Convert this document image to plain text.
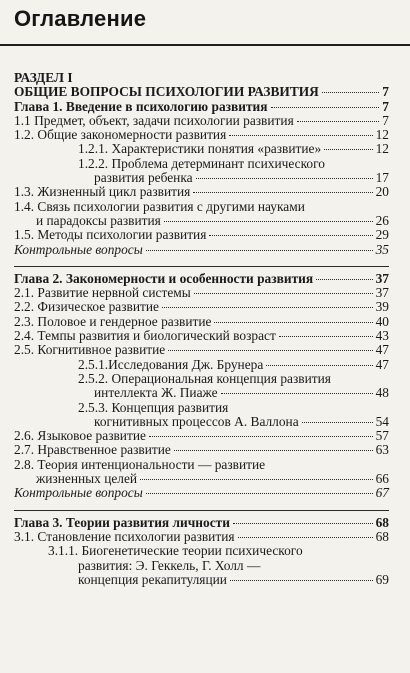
Оглавление
РАЗДЕЛ I
ОБЩИЕ ВОПРОСЫ ПСИХОЛОГИИ РАЗВИТИЯ	7
Глава 1. Введение в психологию развития	7
1.1 Предмет, объект, задачи психологии развития	7
1.2. Общие закономерности развития	12
1.2.1. Характеристики понятия «развитие»	12
1.2.2. Проблема детерминант психического
развития ребенка	17
1.3. Жизненный цикл развития	20
1.4. Связь психологии развития с другими науками
и парадоксы развития	26
1.5. Методы психологии развития	29
Контрольные вопросы	35
Глава 2. Закономерности и особенности развития	37
2.1. Развитие нервной системы	37
2.2. Физическое развитие	39
2.3. Половое и гендерное развитие	40
2.4. Темпы развития и биологический возраст	43
2.5. Когнитивное развитие	47
2.5.1.Исследования Дж. Брунера	47
2.5.2. Операциональная концепция развития
интеллекта Ж. Пиаже	48
2.5.3. Концепция развития
когнитивных процессов А. Валлона	54
2.6. Языковое развитие	57
2.7. Нравственное развитие	63
2.8. Теория интенциональности — развитие
жизненных целей	66
Контрольные вопросы	67
Глава 3. Теории развития личности	68
3.1. Становление психологии развития	68
3.1.1. Биогенетические теории психического
развития: Э. Геккель, Г. Холл —
концепция рекапитуляции	69
